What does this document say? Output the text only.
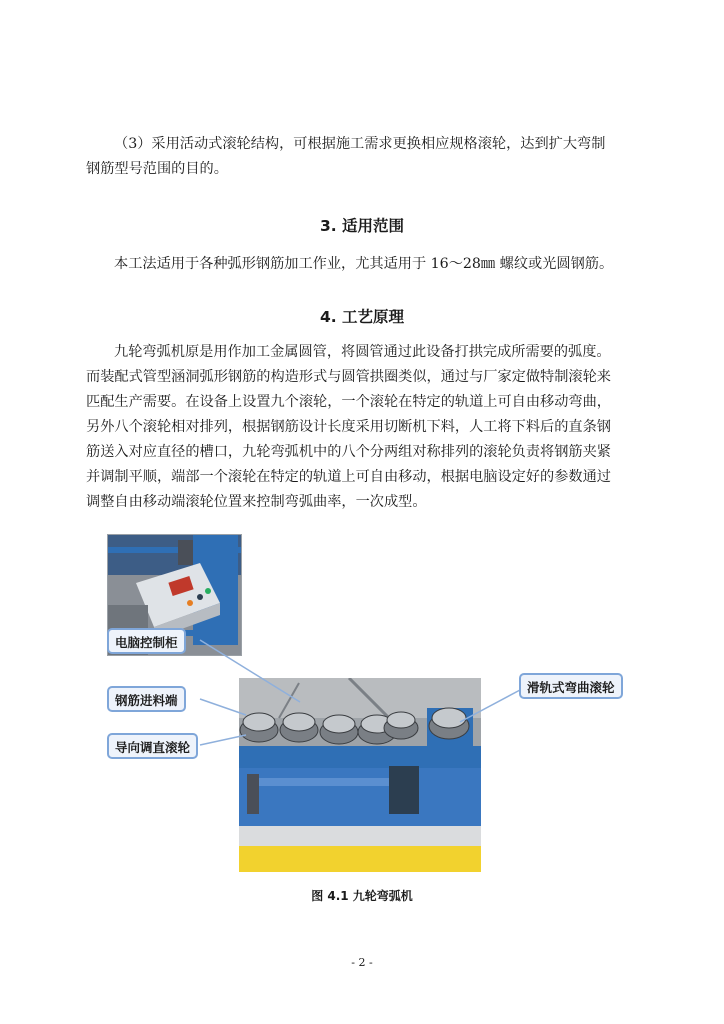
（3）采用活动式滚轮结构，可根据施工需求更换相应规格滚轮，达到扩大弯制
钢筋型号范围的目的。
3. 适用范围
本工法适用于各种弧形钢筋加工作业，尤其适用于 16～28㎜ 螺纹或光圆钢筋。
4. 工艺原理
九轮弯弧机原是用作加工金属圆管，将圆管通过此设备打拱完成所需要的弧度。
而装配式管型涵洞弧形钢筋的构造形式与圆管拱圈类似，通过与厂家定做特制滚轮来
匹配生产需要。在设备上设置九个滚轮，一个滚轮在特定的轨道上可自由移动弯曲，
另外八个滚轮相对排列，根据钢筋设计长度采用切断机下料，人工将下料后的直条钢
筋送入对应直径的槽口，九轮弯弧机中的八个分两组对称排列的滚轮负责将钢筋夹紧
并调制平顺，端部一个滚轮在特定的轨道上可自由移动，根据电脑设定好的参数通过
调整自由移动端滚轮位置来控制弯弧曲率，一次成型。
电脑控制柜
钢筋进料端
导向调直滚轮
滑轨式弯曲滚轮

图 4.1 九轮弯弧机

- 2 -
